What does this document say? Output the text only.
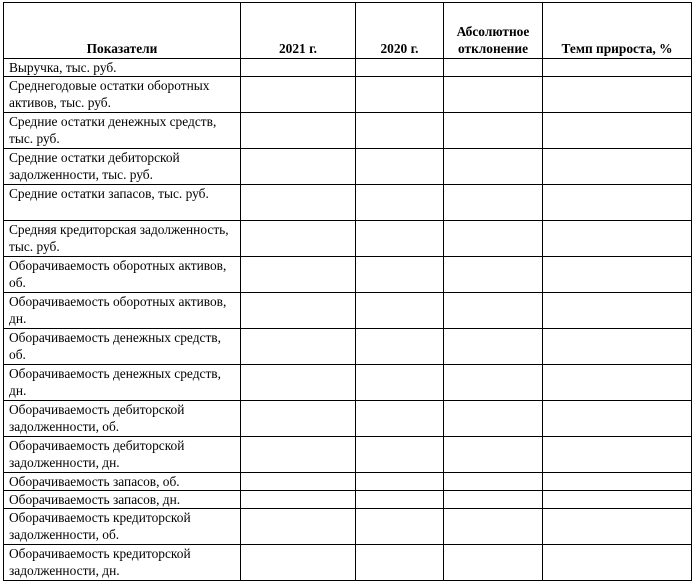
Показатели	2021 г.	2020 г.	Абсолютное отклонение	Темп прироста, %
Выручка, тыс. руб.				
Среднегодовые остатки оборотных активов, тыс. руб.				
Средние остатки денежных средств, тыс. руб.				
Средние остатки дебиторской задолженности, тыс. руб.				
Средние остатки запасов, тыс. руб.				
Средняя кредиторская задолженность, тыс. руб.				
Оборачиваемость оборотных активов, об.				
Оборачиваемость оборотных активов, дн.				
Оборачиваемость денежных средств, об.				
Оборачиваемость денежных средств, дн.				
Оборачиваемость дебиторской задолженности, об.				
Оборачиваемость дебиторской задолженности, дн.				
Оборачиваемость запасов, об.				
Оборачиваемость запасов, дн.				
Оборачиваемость кредиторской задолженности, об.				
Оборачиваемость кредиторской задолженности, дн.				
